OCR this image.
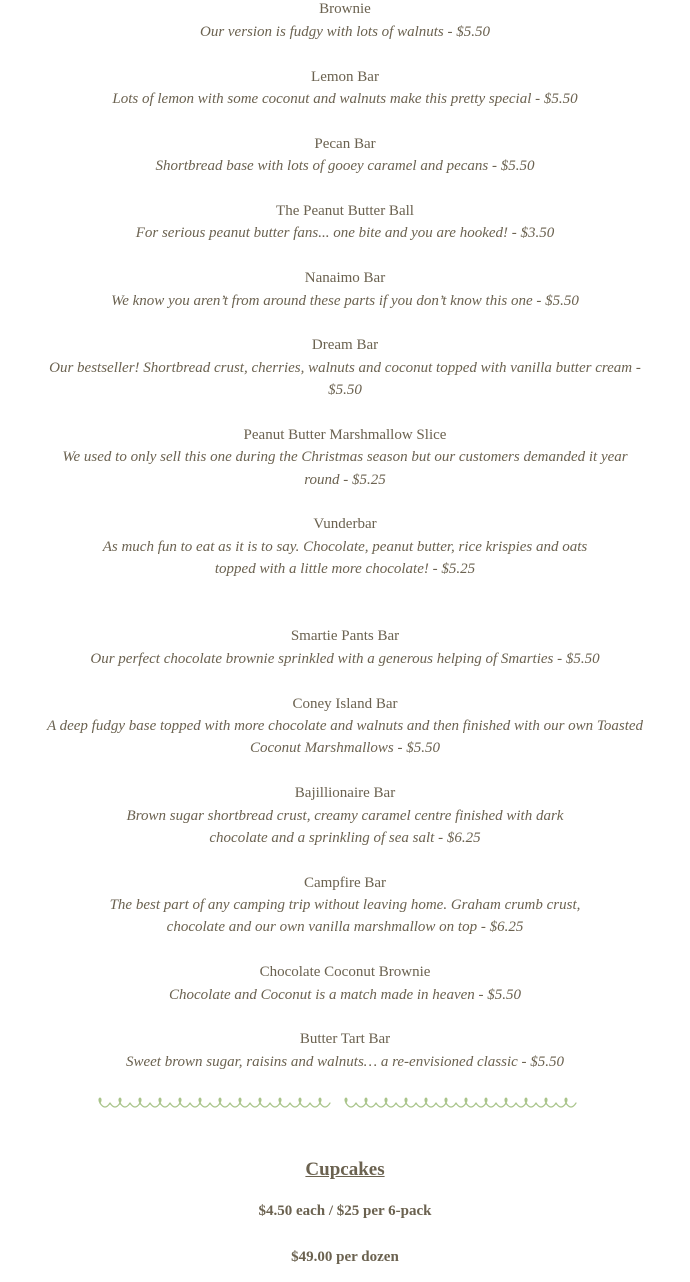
Brownie
Our version is fudgy with lots of walnuts - $5.50
Lemon Bar
Lots of lemon with some coconut and walnuts make this pretty special - $5.50
Pecan Bar
Shortbread base with lots of gooey caramel and pecans - $5.50
The Peanut Butter Ball
For serious peanut butter fans... one bite and you are hooked! - $3.50
Nanaimo Bar
We know you aren’t from around these parts if you don’t know this one - $5.50
Dream Bar
Our bestseller! Shortbread crust, cherries, walnuts and coconut topped with vanilla butter cream -
$5.50
Peanut Butter Marshmallow Slice
We used to only sell this one during the Christmas season but our customers demanded it year
round - $5.25
Vunderbar
As much fun to eat as it is to say. Chocolate, peanut butter, rice krispies and oats
topped with a little more chocolate! - $5.25
Smartie Pants Bar
Our perfect chocolate brownie sprinkled with a generous helping of Smarties - $5.50
Coney Island Bar
A deep fudgy base topped with more chocolate and walnuts and then finished with our own Toasted
Coconut Marshmallows - $5.50
Bajillionaire Bar
Brown sugar shortbread crust, creamy caramel centre finished with dark
chocolate and a sprinkling of sea salt - $6.25
Campfire Bar
The best part of any camping trip without leaving home. Graham crumb crust,
chocolate and our own vanilla marshmallow on top - $6.25
Chocolate Coconut Brownie
Chocolate and Coconut is a match made in heaven - $5.50
Butter Tart Bar
Sweet brown sugar, raisins and walnuts… a re-envisioned classic - $5.50
Cupcakes
$4.50 each / $25 per 6-pack
$49.00 per dozen
